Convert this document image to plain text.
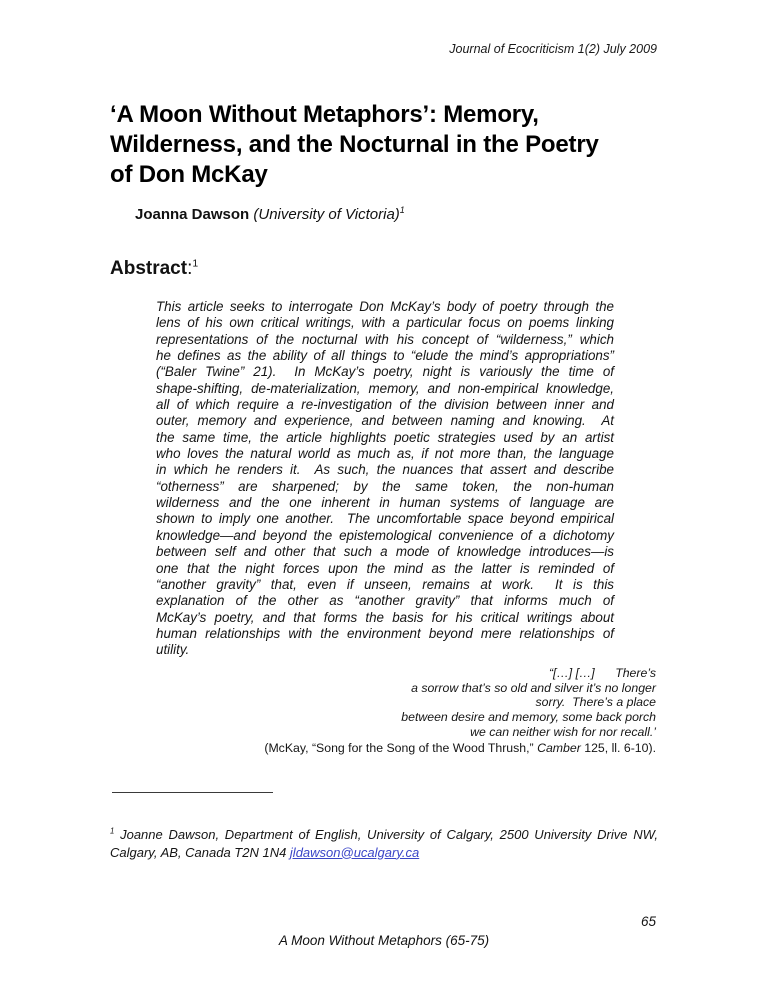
Journal of Ecocriticism 1(2) July 2009
‘A Moon Without Metaphors’: Memory,
Wilderness, and the Nocturnal in the Poetry
of Don McKay
Joanna Dawson (University of Victoria)$^1$
Abstract:$^1$
This article seeks to interrogate Don McKay’s body of poetry through the lens of his own critical writings, with a particular focus on poems linking representations of the nocturnal with his concept of “wilderness,” which he defines as the ability of all things to “elude the mind’s appropriations” (“Baler Twine” 21).  In McKay’s poetry, night is variously the time of shape-shifting, de-materialization, memory, and non-empirical knowledge, all of which require a re-investigation of the division between inner and outer, memory and experience, and between naming and knowing.  At the same time, the article highlights poetic strategies used by an artist who loves the natural world as much as, if not more than, the language in which he renders it.  As such, the nuances that assert and describe “otherness” are sharpened; by the same token, the non-human wilderness and the one inherent in human systems of language are shown to imply one another.  The uncomfortable space beyond empirical knowledge—and beyond the epistemological convenience of a dichotomy between self and other that such a mode of knowledge introduces—is one that the night forces upon the mind as the latter is reminded of “another gravity” that, even if unseen, remains at work.  It is this explanation of the other as “another gravity” that informs much of McKay’s poetry, and that forms the basis for his critical writings about human relationships with the environment beyond mere relationships of utility.
“[…] […]      There’s
a sorrow that’s so old and silver it’s no longer
sorry.  There’s a place
between desire and memory, some back porch
we can neither wish for nor recall.’
(McKay, “Song for the Song of the Wood Thrush,” Camber 125, ll. 6-10).
$^1$ Joanne Dawson, Department of English, University of Calgary, 2500 University Drive NW,
Calgary, AB, Canada T2N 1N4 jldawson@ucalgary.ca
65
A Moon Without Metaphors (65-75)
